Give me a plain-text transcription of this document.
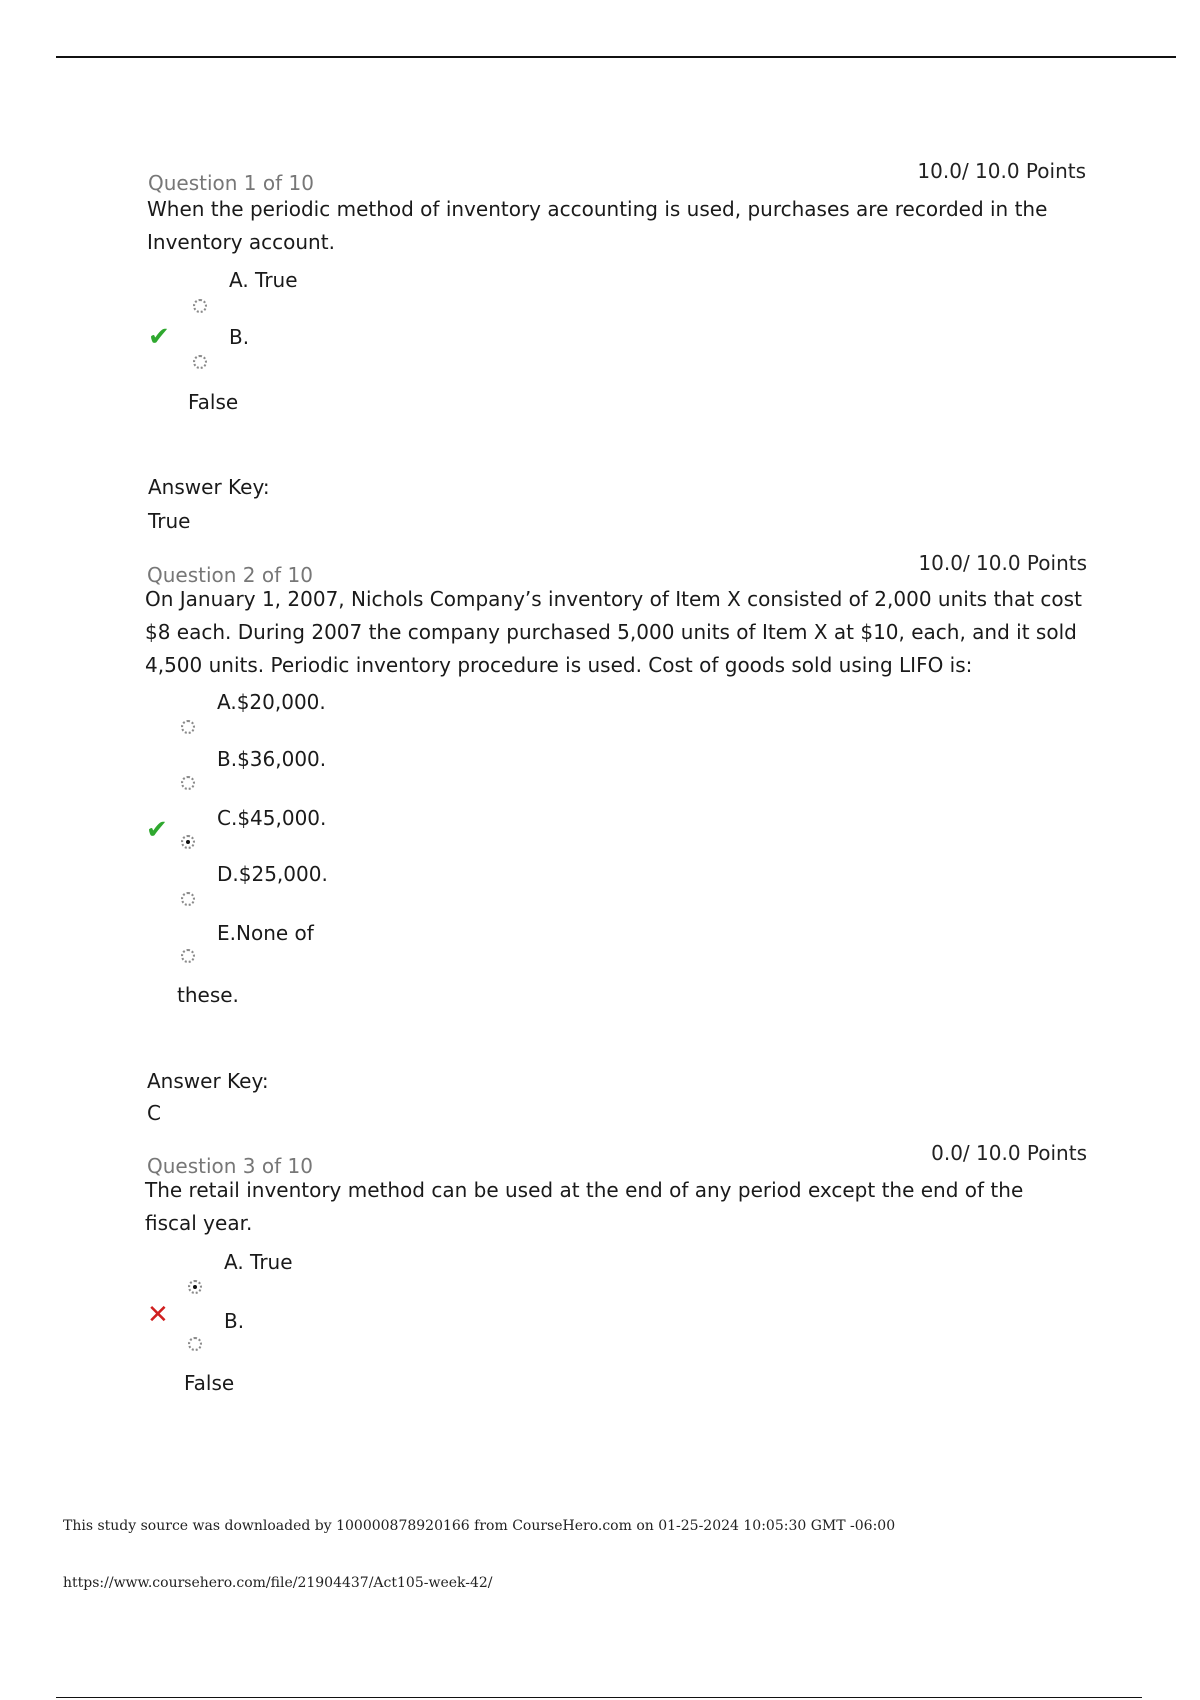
Question 1 of 10	10.0/ 10.0 Points
When the periodic method of inventory accounting is used, purchases are recorded in the Inventory account.
A. True
✔	B.
False
Answer Key:
True
Question 2 of 10	10.0/ 10.0 Points
On January 1, 2007, Nichols Company’s inventory of Item X consisted of 2,000 units that cost $8 each. During 2007 the company purchased 5,000 units of Item X at $10, each, and it sold 4,500 units. Periodic inventory procedure is used. Cost of goods sold using LIFO is:
A.$20,000.
B.$36,000.
✔ C.$45,000.
D.$25,000.
E.None of
these.
Answer Key:
C
Question 3 of 10
0.0/ 10.0 Points
The retail inventory method can be used at the end of any period except the end of the fiscal year.
A. True
✕	B.
False
This study source was downloaded by 100000878920166 from CourseHero.com on 01-25-2024 10:05:30 GMT -06:00
https://www.coursehero.com/file/21904437/Act105-week-42/
